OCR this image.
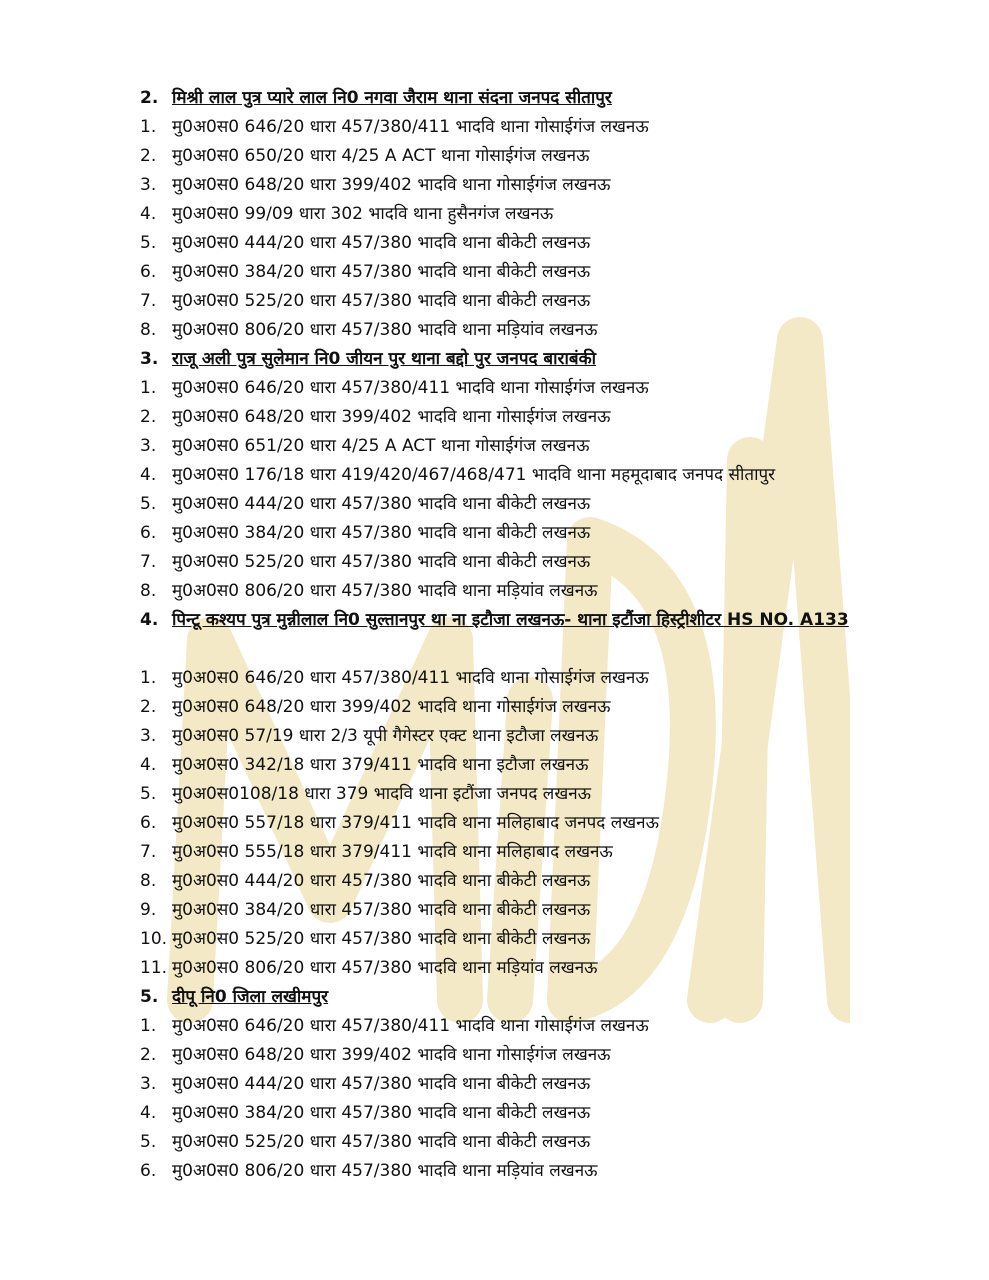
2. मिश्री लाल पुत्र प्यारे लाल नि0 नगवा जैराम थाना संदना जनपद सीतापुर
1. मु0अ0स0 646/20 धारा 457/380/411 भादवि थाना गोसाईगंज लखनऊ
2. मु0अ0स0 650/20 धारा 4/25 A ACT थाना गोसाईगंज लखनऊ
3. मु0अ0स0 648/20 धारा 399/402 भादवि थाना गोसाईगंज लखनऊ
4. मु0अ0स0 99/09 धारा 302 भादवि थाना हुसैनगंज लखनऊ
5. मु0अ0स0 444/20 धारा 457/380 भादवि थाना बीकेटी लखनऊ
6. मु0अ0स0 384/20 धारा 457/380 भादवि थाना बीकेटी लखनऊ
7. मु0अ0स0 525/20 धारा 457/380 भादवि थाना बीकेटी लखनऊ
8. मु0अ0स0 806/20 धारा 457/380 भादवि थाना मड़ियांव लखनऊ
3. राजू अली पुत्र सुलेमान नि0 जीयन पुर थाना बद्दो पुर जनपद बाराबंकी
1. मु0अ0स0 646/20 धारा 457/380/411 भादवि थाना गोसाईगंज लखनऊ
2. मु0अ0स0 648/20 धारा 399/402 भादवि थाना गोसाईगंज लखनऊ
3. मु0अ0स0 651/20 धारा 4/25 A ACT थाना गोसाईगंज लखनऊ
4. मु0अ0स0 176/18 धारा 419/420/467/468/471 भादवि थाना महमूदाबाद जनपद सीतापुर
5. मु0अ0स0 444/20 धारा 457/380 भादवि थाना बीकेटी लखनऊ
6. मु0अ0स0 384/20 धारा 457/380 भादवि थाना बीकेटी लखनऊ
7. मु0अ0स0 525/20 धारा 457/380 भादवि थाना बीकेटी लखनऊ
8. मु0अ0स0 806/20 धारा 457/380 भादवि थाना मड़ियांव लखनऊ
4. पिन्टू कश्यप पुत्र मुन्नीलाल नि0 सुल्तानपुर था ना इटौजा लखनऊ- थाना इटौंजा हिस्ट्रीशीटर HS NO. A133
1. मु0अ0स0 646/20 धारा 457/380/411 भादवि थाना गोसाईगंज लखनऊ
2. मु0अ0स0 648/20 धारा 399/402 भादवि थाना गोसाईगंज लखनऊ
3. मु0अ0स0 57/19 धारा 2/3 यूपी गैगेस्टर एक्ट थाना इटौजा लखनऊ
4. मु0अ0स0 342/18 धारा 379/411 भादवि थाना इटौजा लखनऊ
5. मु0अ0स0108/18 धारा 379 भादवि थाना इटौंजा जनपद लखनऊ
6. मु0अ0स0 557/18 धारा 379/411 भादवि थाना मलिहाबाद जनपद लखनऊ
7. मु0अ0स0 555/18 धारा 379/411 भादवि थाना मलिहाबाद लखनऊ
8. मु0अ0स0 444/20 धारा 457/380 भादवि थाना बीकेटी लखनऊ
9. मु0अ0स0 384/20 धारा 457/380 भादवि थाना बीकेटी लखनऊ
10. मु0अ0स0 525/20 धारा 457/380 भादवि थाना बीकेटी लखनऊ
11. मु0अ0स0 806/20 धारा 457/380 भादवि थाना मड़ियांव लखनऊ
5. दीपू नि0 जिला लखीमपुर
1. मु0अ0स0 646/20 धारा 457/380/411 भादवि थाना गोसाईगंज लखनऊ
2. मु0अ0स0 648/20 धारा 399/402 भादवि थाना गोसाईगंज लखनऊ
3. मु0अ0स0 444/20 धारा 457/380 भादवि थाना बीकेटी लखनऊ
4. मु0अ0स0 384/20 धारा 457/380 भादवि थाना बीकेटी लखनऊ
5. मु0अ0स0 525/20 धारा 457/380 भादवि थाना बीकेटी लखनऊ
6. मु0अ0स0 806/20 धारा 457/380 भादवि थाना मड़ियांव लखनऊ
